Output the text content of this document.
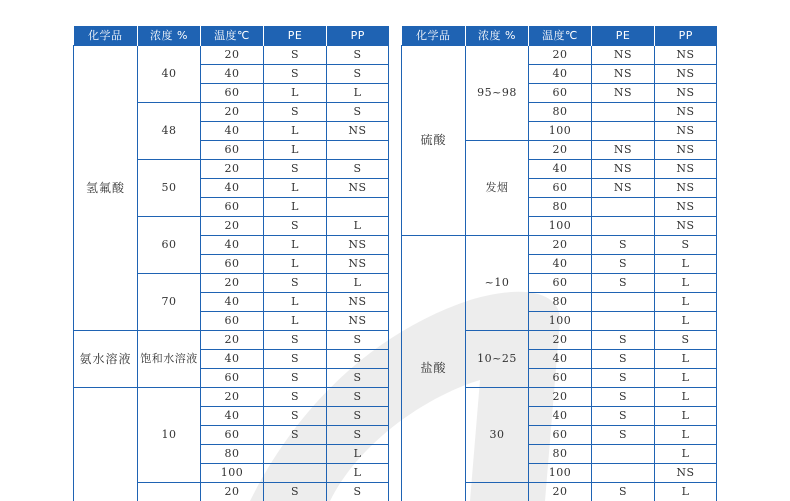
化学品	浓度 %	温度℃	PE	PP
氢氟酸	40	20	S	S
		40	S	S
		60	L	L
	48	20	S	S
		40	L	NS
		60	L	
	50	20	S	S
		40	L	NS
		60	L	
	60	20	S	L
		40	L	NS
		60	L	NS
	70	20	S	L
		40	L	NS
		60	L	NS
氨水溶液	饱和水溶液	20	S	S
		40	S	S
		60	S	S
	10	20	S	S
		40	S	S
		60	S	S
		80		L
		100		L
		20	S	S
化学品	浓度 %	温度℃	PE	PP
硫酸	95~98	20	NS	NS
		40	NS	NS
		60	NS	NS
		80		NS
		100		NS
	发烟	20	NS	NS
		40	NS	NS
		60	NS	NS
		80		NS
		100		NS
盐酸	~10	20	S	S
		40	S	L
		60	S	L
		80		L
		100		L
	10~25	20	S	S
		40	S	L
		60	S	L
	30	20	S	L
		40	S	L
		60	S	L
		80		L
		100		NS
		20	S	L
